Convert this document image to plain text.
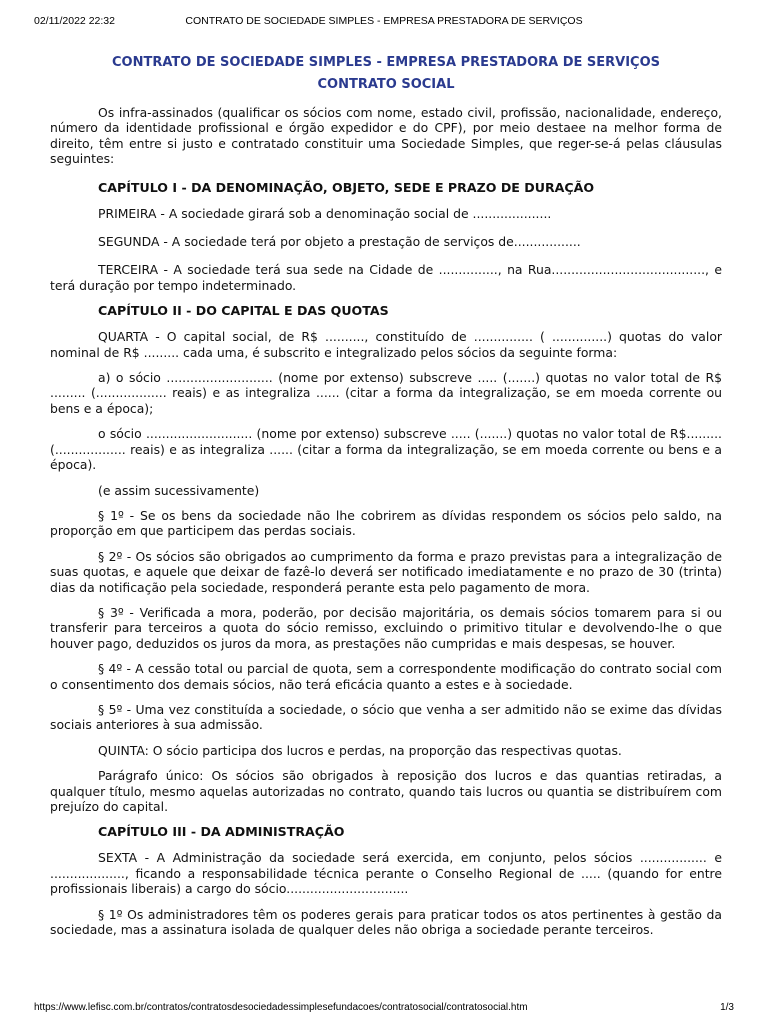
02/11/2022 22:32	CONTRATO DE SOCIEDADE SIMPLES - EMPRESA PRESTADORA DE SERVIÇOS
CONTRATO DE SOCIEDADE SIMPLES - EMPRESA PRESTADORA DE SERVIÇOS
CONTRATO SOCIAL

Os infra-assinados (qualificar os sócios com nome, estado civil, profissão, nacionalidade, endereço, número da identidade profissional e órgão expedidor e do CPF), por meio destaee na melhor forma de direito, têm entre si justo e contratado constituir uma Sociedade Simples, que reger-se-á pelas cláusulas seguintes:

CAPÍTULO I - DA DENOMINAÇÃO, OBJETO, SEDE E PRAZO DE DURAÇÃO

PRIMEIRA - A sociedade girará sob a denominação social de ....................

SEGUNDA - A sociedade terá por objeto a prestação de serviços de.................

TERCEIRA - A sociedade terá sua sede na Cidade de ..............., na Rua......................................., e terá duração por tempo indeterminado.

CAPÍTULO II - DO CAPITAL E DAS QUOTAS

QUARTA - O capital social, de R$ .........., constituído de ............... ( ..............) quotas do valor nominal de R$ ......... cada uma, é subscrito e integralizado pelos sócios da seguinte forma:

a) o sócio ........................... (nome por extenso) subscreve ..... (.......) quotas no valor total de R$ ......... (.................. reais) e as integraliza ...... (citar a forma da integralização, se em moeda corrente ou bens e a época);

o sócio ........................... (nome por extenso) subscreve ..... (.......) quotas no valor total de R$......... (.................. reais) e as integraliza ...... (citar a forma da integralização, se em moeda corrente ou bens e a época).

(e assim sucessivamente)

§ 1º - Se os bens da sociedade não lhe cobrirem as dívidas respondem os sócios pelo saldo, na proporção em que participem das perdas sociais.

§ 2º - Os sócios são obrigados ao cumprimento da forma e prazo previstas para a integralização de suas quotas, e aquele que deixar de fazê-lo deverá ser notificado imediatamente e no prazo de 30 (trinta) dias da notificação pela sociedade, responderá perante esta pelo pagamento de mora.

§ 3º - Verificada a mora, poderão, por decisão majoritária, os demais sócios tomarem para si ou transferir para terceiros a quota do sócio remisso, excluindo o primitivo titular e devolvendo-lhe o que houver pago, deduzidos os juros da mora, as prestações não cumpridas e mais despesas, se houver.

§ 4º - A cessão total ou parcial de quota, sem a correspondente modificação do contrato social com o consentimento dos demais sócios, não terá eficácia quanto a estes e à sociedade.

§ 5º - Uma vez constituída a sociedade, o sócio que venha a ser admitido não se exime das dívidas sociais anteriores à sua admissão.

QUINTA: O sócio participa dos lucros e perdas, na proporção das respectivas quotas.

Parágrafo único: Os sócios são obrigados à reposição dos lucros e das quantias retiradas, a qualquer título, mesmo aquelas autorizadas no contrato, quando tais lucros ou quantia se distribuírem com prejuízo do capital.

CAPÍTULO III - DA ADMINISTRAÇÃO

SEXTA - A Administração da sociedade será exercida, em conjunto, pelos sócios ................. e ..................., ficando a responsabilidade técnica perante o Conselho Regional de ..... (quando for entre profissionais liberais) a cargo do sócio...............................

§ 1º Os administradores têm os poderes gerais para praticar todos os atos pertinentes à gestão da sociedade, mas a assinatura isolada de qualquer deles não obriga a sociedade perante terceiros.

https://www.lefisc.com.br/contratos/contratosdesociedadessimplesefundacoes/contratosocial/contratosocial.htm	1/3
